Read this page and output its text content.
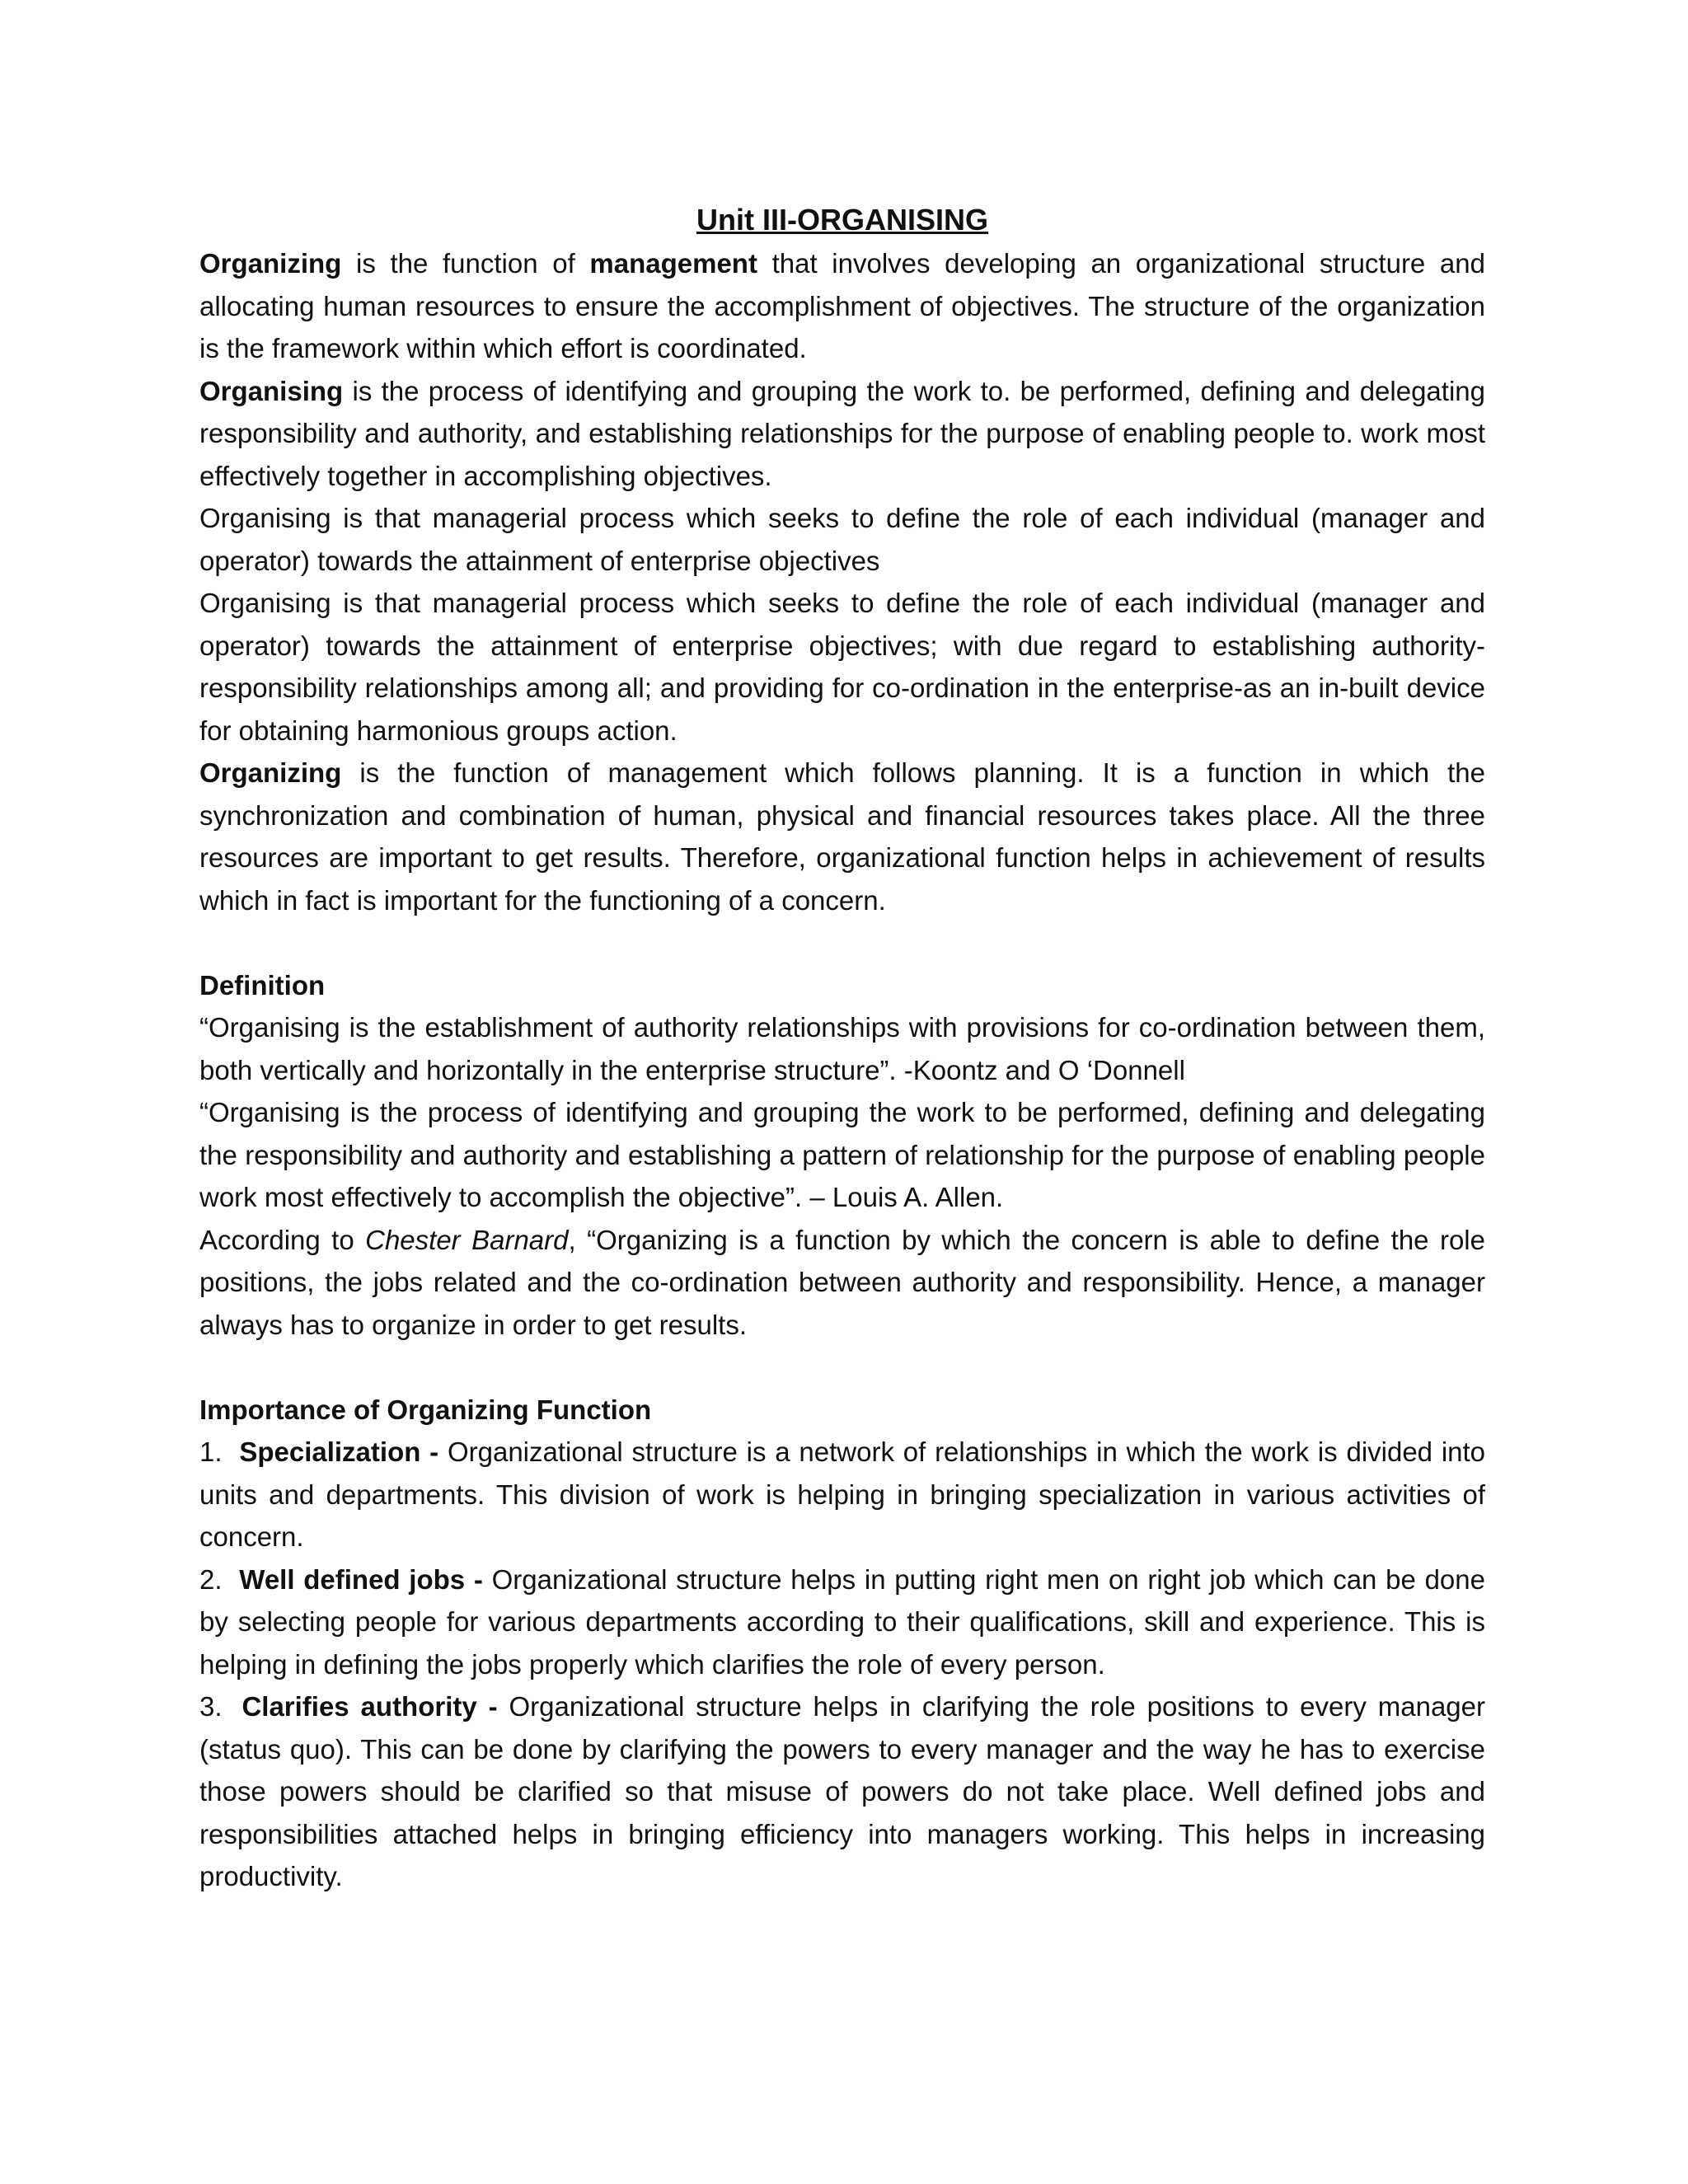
Unit III-ORGANISING

Organizing is the function of management that involves developing an organizational structure and allocating human resources to ensure the accomplishment of objectives. The structure of the organization is the framework within which effort is coordinated.

Organising is the process of identifying and grouping the work to. be performed, defining and delegating responsibility and authority, and establishing relationships for the purpose of enabling people to. work most effectively together in accomplishing objectives.

Organising is that managerial process which seeks to define the role of each individual (manager and operator) towards the attainment of enterprise objectives

Organising is that managerial process which seeks to define the role of each individual (manager and operator) towards the attainment of enterprise objectives; with due regard to establishing authority-responsibility relationships among all; and providing for co-ordination in the enterprise-as an in-built device for obtaining harmonious groups action.

Organizing is the function of management which follows planning. It is a function in which the synchronization and combination of human, physical and financial resources takes place. All the three resources are important to get results. Therefore, organizational function helps in achievement of results which in fact is important for the functioning of a concern.

Definition

“Organising is the establishment of authority relationships with provisions for co-ordination between them, both vertically and horizontally in the enterprise structure”. -Koontz and O ‘Donnell

“Organising is the process of identifying and grouping the work to be performed, defining and delegating the responsibility and authority and establishing a pattern of relationship for the purpose of enabling people work most effectively to accomplish the objective”. – Louis A. Allen.

According to Chester Barnard, “Organizing is a function by which the concern is able to define the role positions, the jobs related and the co-ordination between authority and responsibility. Hence, a manager always has to organize in order to get results.

Importance of Organizing Function

1. Specialization - Organizational structure is a network of relationships in which the work is divided into units and departments. This division of work is helping in bringing specialization in various activities of concern.

2. Well defined jobs - Organizational structure helps in putting right men on right job which can be done by selecting people for various departments according to their qualifications, skill and experience. This is helping in defining the jobs properly which clarifies the role of every person.

3. Clarifies authority - Organizational structure helps in clarifying the role positions to every manager (status quo). This can be done by clarifying the powers to every manager and the way he has to exercise those powers should be clarified so that misuse of powers do not take place. Well defined jobs and responsibilities attached helps in bringing efficiency into managers working. This helps in increasing productivity.
